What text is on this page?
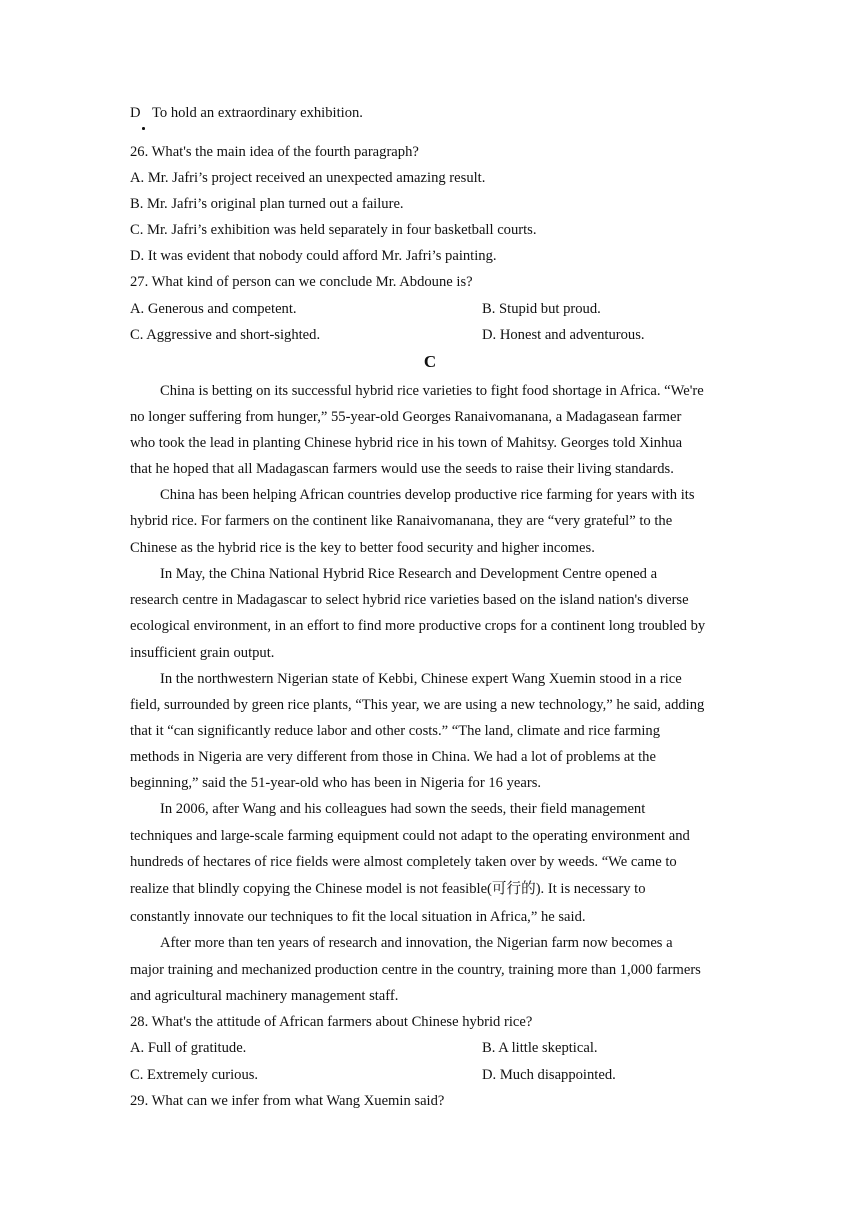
D To hold an extraordinary exhibition.
26. What's the main idea of the fourth paragraph?
A. Mr. Jafri’s project received an unexpected amazing result.
B. Mr. Jafri’s original plan turned out a failure.
C. Mr. Jafri’s exhibition was held separately in four basketball courts.
D. It was evident that nobody could afford Mr. Jafri’s painting.
27. What kind of person can we conclude Mr. Abdoune is?
A. Generous and competent.	B. Stupid but proud.
C. Aggressive and short-sighted.	D. Honest and adventurous.
C
China is betting on its successful hybrid rice varieties to fight food shortage in Africa. “We're
no longer suffering from hunger,” 55-year-old Georges Ranaivomanana, a Madagasean farmer
who took the lead in planting Chinese hybrid rice in his town of Mahitsy. Georges told Xinhua
that he hoped that all Madagascan farmers would use the seeds to raise their living standards.
China has been helping African countries develop productive rice farming for years with its
hybrid rice. For farmers on the continent like Ranaivomanana, they are “very grateful” to the
Chinese as the hybrid rice is the key to better food security and higher incomes.
In May, the China National Hybrid Rice Research and Development Centre opened a
research centre in Madagascar to select hybrid rice varieties based on the island nation's diverse
ecological environment, in an effort to find more productive crops for a continent long troubled by
insufficient grain output.
In the northwestern Nigerian state of Kebbi, Chinese expert Wang Xuemin stood in a rice
field, surrounded by green rice plants, “This year, we are using a new technology,” he said, adding
that it “can significantly reduce labor and other costs.” “The land, climate and rice farming
methods in Nigeria are very different from those in China. We had a lot of problems at the
beginning,” said the 51-year-old who has been in Nigeria for 16 years.
In 2006, after Wang and his colleagues had sown the seeds, their field management
techniques and large-scale farming equipment could not adapt to the operating environment and
hundreds of hectares of rice fields were almost completely taken over by weeds. “We came to
realize that blindly copying the Chinese model is not feasible(可行的). It is necessary to
constantly innovate our techniques to fit the local situation in Africa,” he said.
After more than ten years of research and innovation, the Nigerian farm now becomes a
major training and mechanized production centre in the country, training more than 1,000 farmers
and agricultural machinery management staff.
28. What's the attitude of African farmers about Chinese hybrid rice?
A. Full of gratitude.	B. A little skeptical.
C. Extremely curious.	D. Much disappointed.
29. What can we infer from what Wang Xuemin said?
